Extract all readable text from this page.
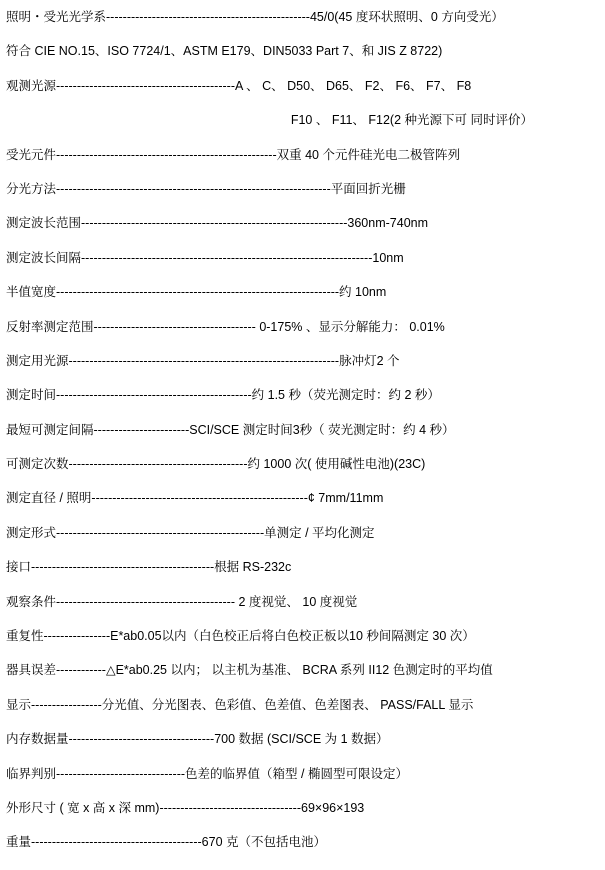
照明・受光光学系-------------------------------------------------45/0(45 度环状照明、0 方向受光）
符合 CIE NO.15、ISO 7724/1、ASTM E179、DIN5033 Part 7、和 JIS Z 8722)
观测光源-------------------------------------------A 、 C、 D50、 D65、 F2、 F6、 F7、 F8
F10 、 F11、 F12(2 种光源下可 同时评价）
受光元件-----------------------------------------------------双重 40 个元件硅光电二极管阵列
分光方法------------------------------------------------------------------平面回折光栅
测定波长范围----------------------------------------------------------------360nm-740nm
测定波长间隔----------------------------------------------------------------------10nm
半值宽度--------------------------------------------------------------------约 10nm
反射率测定范围--------------------------------------- 0-175% 、显示分解能力： 0.01%
测定用光源-----------------------------------------------------------------脉冲灯2 个
测定时间-----------------------------------------------约 1.5 秒（荧光测定时：约 2 秒）
最短可测定间隔-----------------------SCI/SCE 测定时间3秒（ 荧光测定时：约 4 秒）
可测定次数-------------------------------------------约 1000 次( 使用碱性电池)(23C)
测定直径 / 照明----------------------------------------------------¢ 7mm/11mm
测定形式--------------------------------------------------单测定 / 平均化测定
接口--------------------------------------------根据 RS-232c
观察条件------------------------------------------- 2 度视觉、 10 度视觉
重复性----------------E*ab0.05以内（白色校正后将白色校正板以10 秒间隔测定 30 次）
器具误差------------△E*ab0.25 以内； 以主机为基准、 BCRA 系列 II12 色测定时的平均值
显示-----------------分光值、分光图表、色彩值、色差值、色差图表、 PASS/FALL 显示
内存数据量-----------------------------------700 数据 (SCI/SCE 为 1 数据）
临界判别-------------------------------色差的临界值（箱型 / 椭圆型可限设定）
外形尺寸 ( 宽 x 高 x 深 mm)----------------------------------69×96×193
重量-----------------------------------------670 克（不包括电池）
